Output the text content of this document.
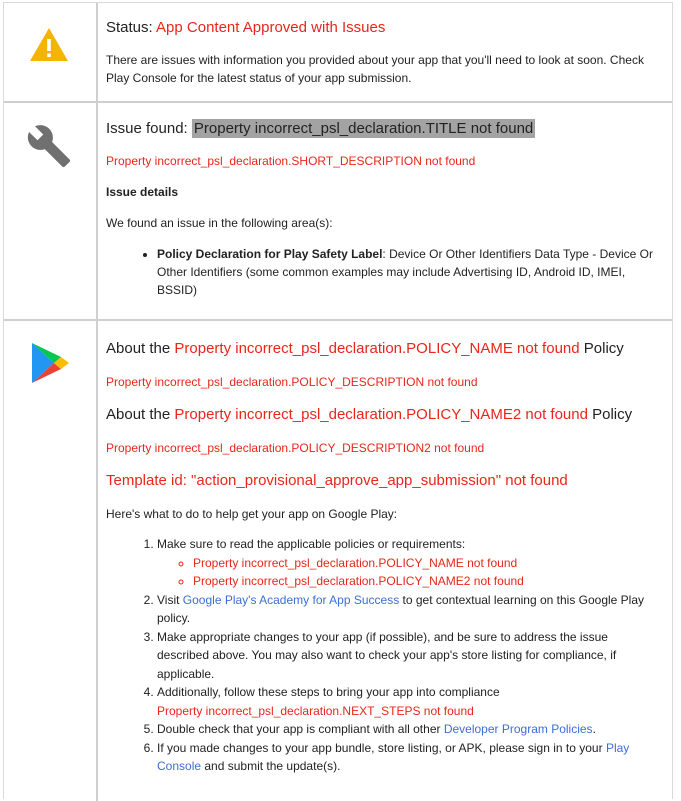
Status: App Content Approved with Issues

There are issues with information you provided about your app that you'll need to look at soon. Check Play Console for the latest status of your app submission.

Issue found: Property incorrect_psl_declaration.TITLE not found

Property incorrect_psl_declaration.SHORT_DESCRIPTION not found

Issue details

We found an issue in the following area(s):

• Policy Declaration for Play Safety Label: Device Or Other Identifiers Data Type - Device Or Other Identifiers (some common examples may include Advertising ID, Android ID, IMEI, BSSID)

About the Property incorrect_psl_declaration.POLICY_NAME not found Policy

Property incorrect_psl_declaration.POLICY_DESCRIPTION not found

About the Property incorrect_psl_declaration.POLICY_NAME2 not found Policy

Property incorrect_psl_declaration.POLICY_DESCRIPTION2 not found

Template id: "action_provisional_approve_app_submission" not found

Here's what to do to help get your app on Google Play:

1. Make sure to read the applicable policies or requirements:
◦ Property incorrect_psl_declaration.POLICY_NAME not found
◦ Property incorrect_psl_declaration.POLICY_NAME2 not found
2. Visit Google Play's Academy for App Success to get contextual learning on this Google Play policy.
3. Make appropriate changes to your app (if possible), and be sure to address the issue described above. You may also want to check your app's store listing for compliance, if applicable.
4. Additionally, follow these steps to bring your app into compliance
Property incorrect_psl_declaration.NEXT_STEPS not found
5. Double check that your app is compliant with all other Developer Program Policies.
6. If you made changes to your app bundle, store listing, or APK, please sign in to your Play Console and submit the update(s).
